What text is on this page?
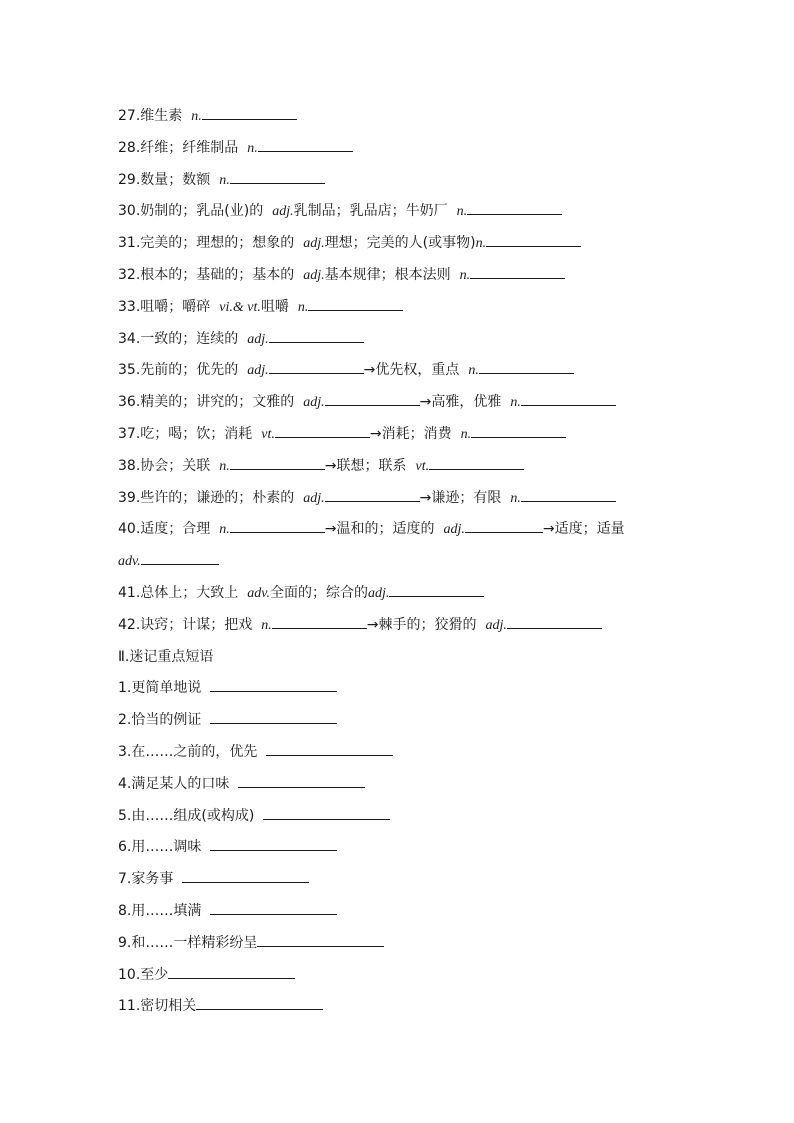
27.维生素 n.
28.纤维；纤维制品 n.
29.数量；数额 n.
30.奶制的；乳品(业)的 adj.乳制品；乳品店；牛奶厂 n.
31.完美的；理想的；想象的 adj.理想；完美的人(或事物)n.
32.根本的；基础的；基本的 adj.基本规律；根本法则 n.
33.咀嚼；嚼碎 vi.& vt.咀嚼 n.
34.一致的；连续的 adj.
35.先前的；优先的 adj.	→优先权，重点 n.
36.精美的；讲究的；文雅的 adj.	→高雅，优雅 n.
37.吃；喝；饮；消耗 vt.	→消耗；消费 n.
38.协会；关联 n.	→联想；联系 vt.
39.些许的；谦逊的；朴素的 adj.	→谦逊；有限 n.
40.适度；合理 n.	→温和的；适度的 adj.	→适度；适量
adv.
41.总体上；大致上 adv.全面的；综合的adj.
42.诀窍；计谋；把戏 n.	→棘手的；狡猾的 adj.
Ⅱ.迷记重点短语
1.更简单地说
2.恰当的例证
3.在……之前的，优先
4.满足某人的口味
5.由……组成(或构成)
6.用……调味
7.家务事
8.用……填满
9.和……一样精彩纷呈
10.至少
11.密切相关
